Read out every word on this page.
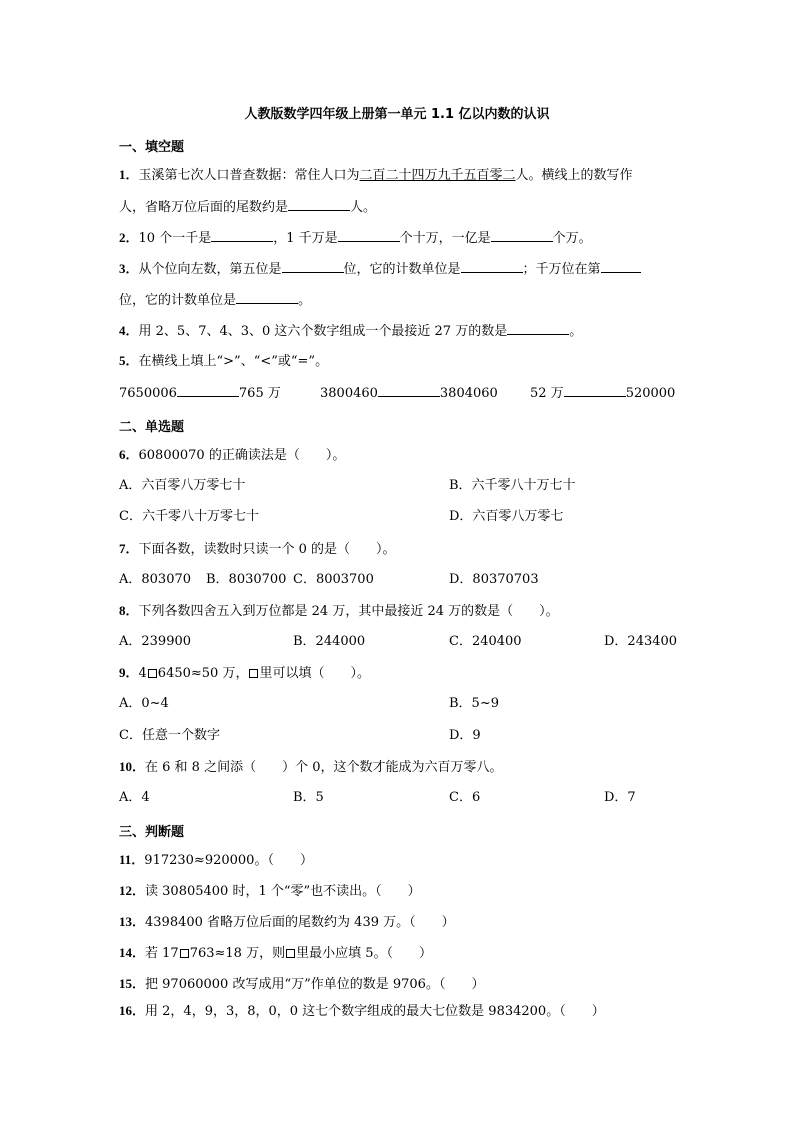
人教版数学四年级上册第一单元 1.1 亿以内数的认识
一、填空题
1．玉溪第七次人口普查数据：常住人口为二百二十四万九千五百零二人。横线上的数写作
人，省略万位后面的尾数约是	人。
2．10 个一千是	，1 千万是	个十万，一亿是	个万。
3．从个位向左数，第五位是	位，它的计数单位是	；千万位在第
位，它的计数单位是	。
4．用 2、5、7、4、3、0 这六个数字组成一个最接近 27 万的数是	。
5．在横线上填上“>”、“<”或“=”。
7650006	765 万	3800460	3804060 52 万	520000
二、单选题
6．60800070 的正确读法是（　　）。
A．六百零八万零七十	B．六千零八十万七十
C．六千零八十万零七十	D．六百零八万零七
7．下面各数，读数时只读一个 0 的是（　　）。
A．803070 B．8030700 C．8003700	D．80370703
8．下列各数四舍五入到万位都是 24 万，其中最接近 24 万的数是（　　）。
A．239900	B．244000	C．240400	D．243400
9．4 6450≈50 万， 里可以填（　　）。
A．0~4	B．5~9
C．任意一个数字	D．9
10．在 6 和 8 之间添（　　）个 0，这个数才能成为六百万零八。
A．4	B．5	C．6	D．7
三、判断题
11．917230≈920000。（　　）
12．读 30805400 时，1 个“零”也不读出。（　　）
13．4398400 省略万位后面的尾数约为 439 万。（　　）
14．若 17 763≈18 万，则 里最小应填 5。（　　）
15．把 97060000 改写成用“万”作单位的数是 9706。（　　）
16．用 2，4，9，3，8，0，0 这七个数字组成的最大七位数是 9834200。（　　）
